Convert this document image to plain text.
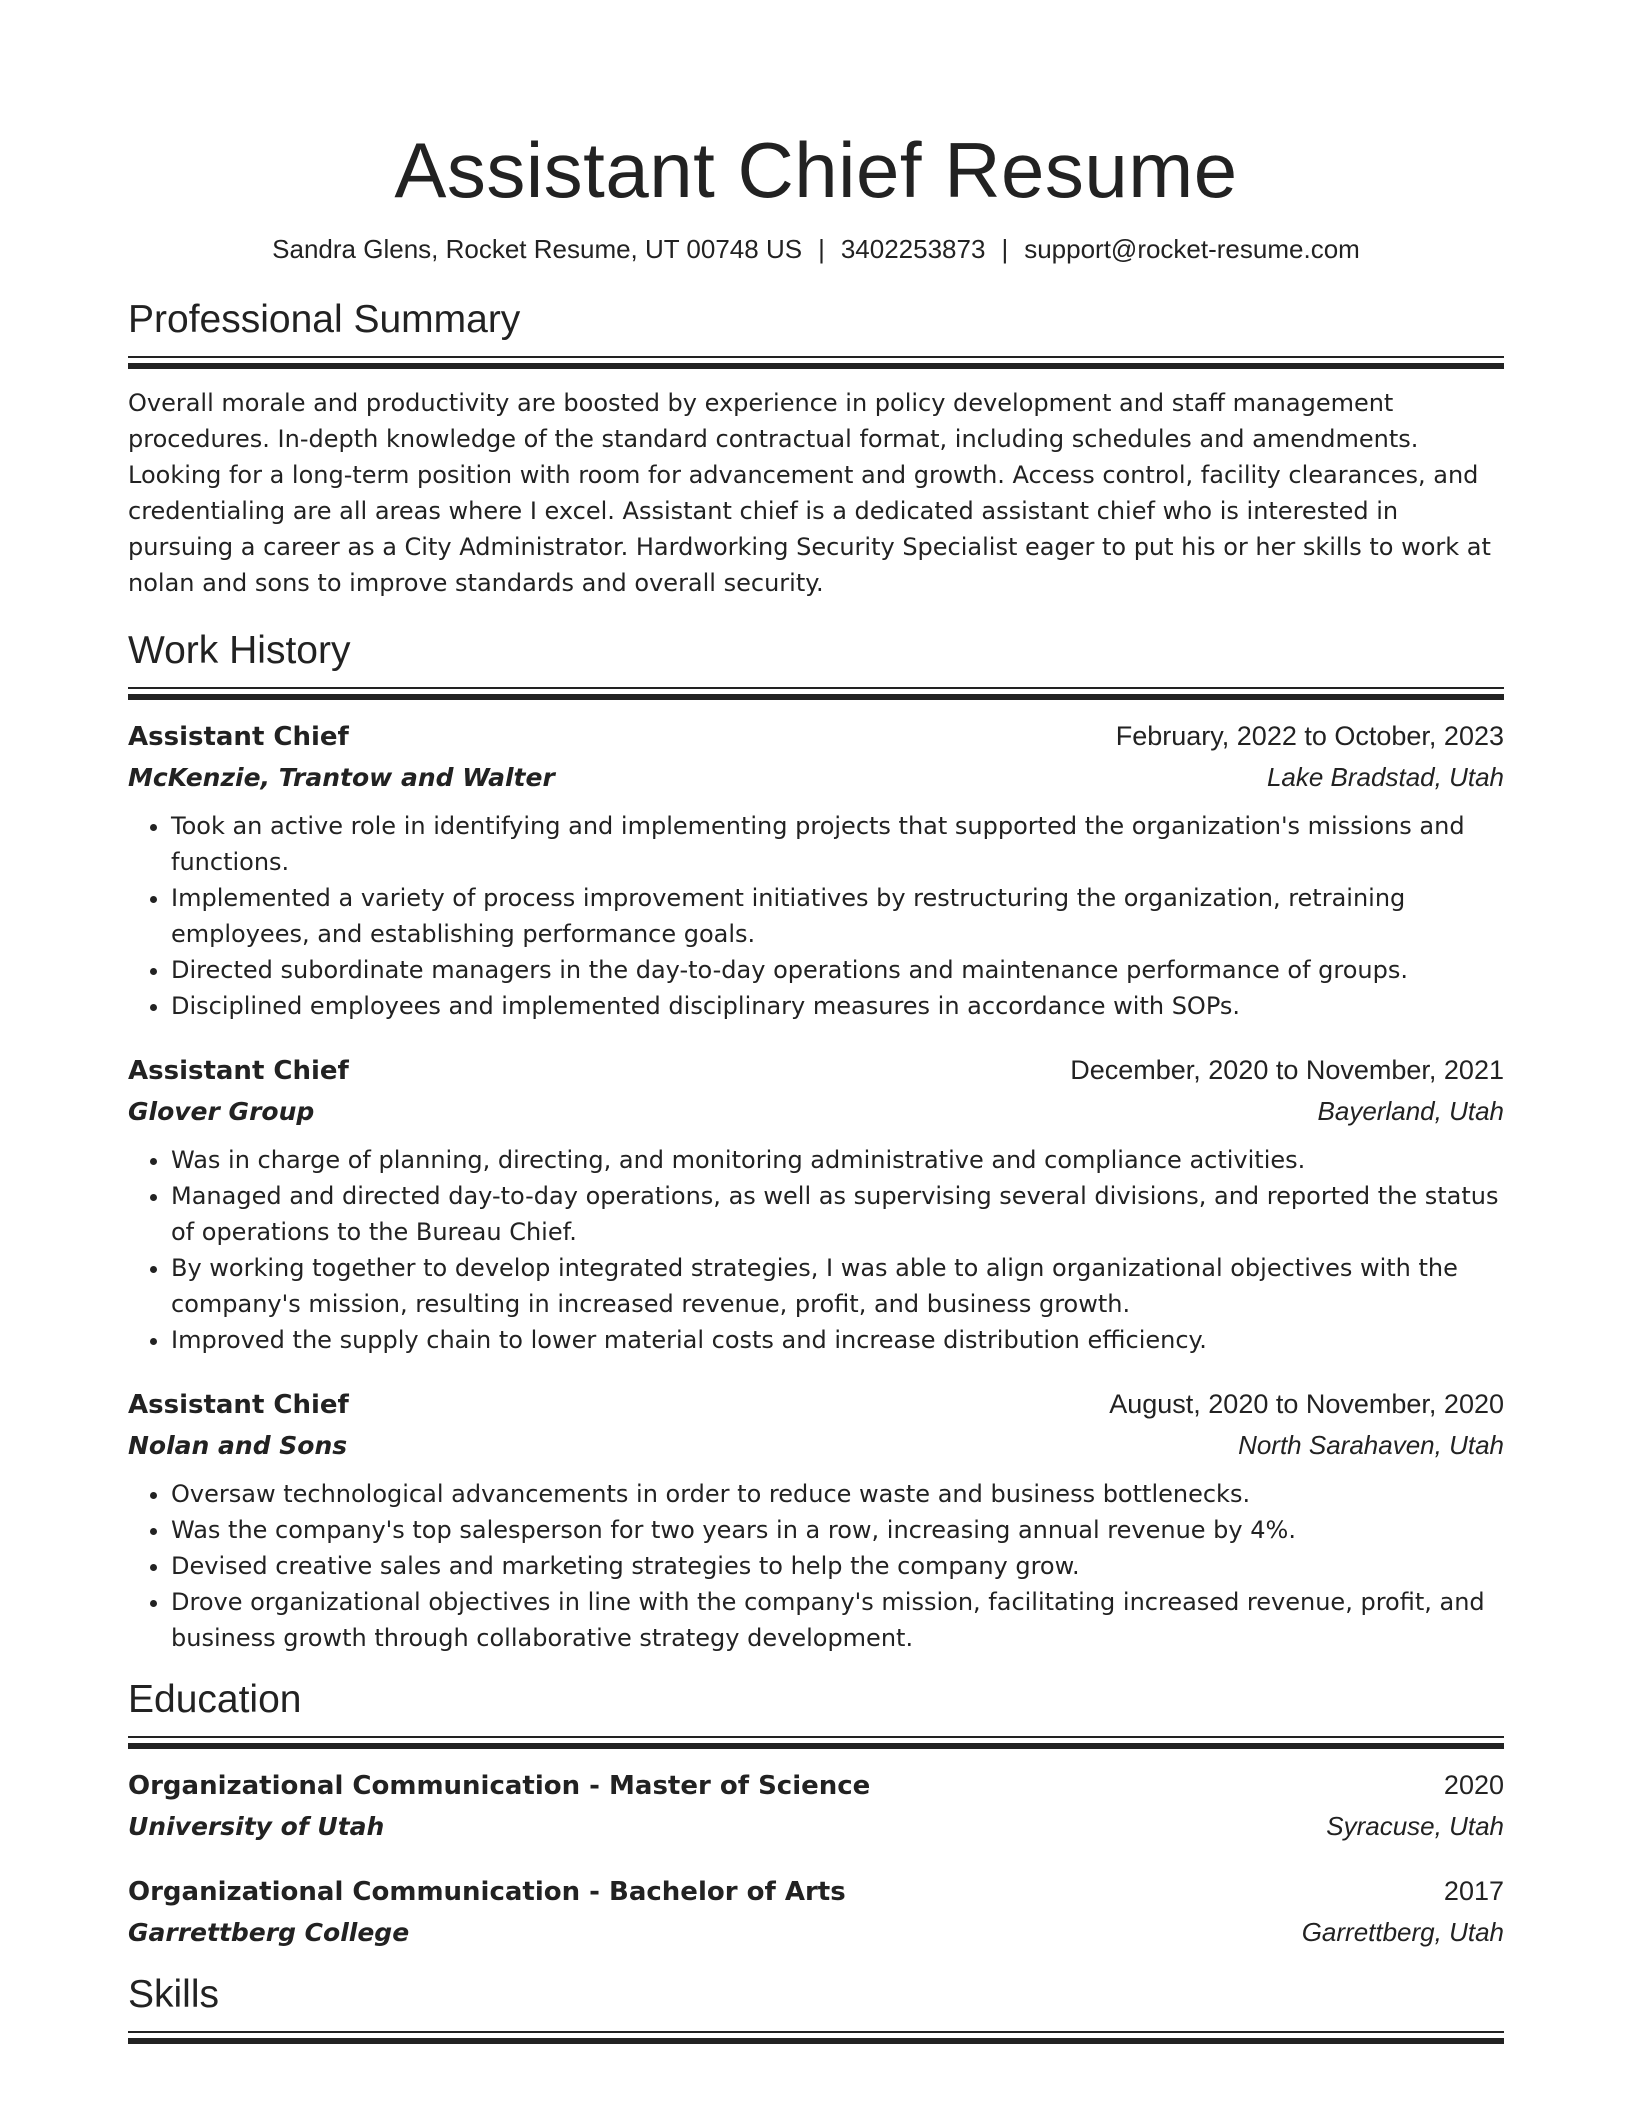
Assistant Chief Resume
Sandra Glens, Rocket Resume, UT 00748 US | 3402253873 | support@rocket-resume.com
Professional Summary

Overall morale and productivity are boosted by experience in policy development and staff management procedures. In-depth knowledge of the standard contractual format, including schedules and amendments. Looking for a long-term position with room for advancement and growth. Access control, facility clearances, and credentialing are all areas where I excel. Assistant chief is a dedicated assistant chief who is interested in pursuing a career as a City Administrator. Hardworking Security Specialist eager to put his or her skills to work at nolan and sons to improve standards and overall security.

Work History
Assistant Chief	February, 2022 to October, 2023
McKenzie, Trantow and Walter	Lake Bradstad, Utah
• Took an active role in identifying and implementing projects that supported the organization's missions and functions.
• Implemented a variety of process improvement initiatives by restructuring the organization, retraining employees, and establishing performance goals.
• Directed subordinate managers in the day-to-day operations and maintenance performance of groups.
• Disciplined employees and implemented disciplinary measures in accordance with SOPs.
Assistant Chief	December, 2020 to November, 2021
Glover Group	Bayerland, Utah
• Was in charge of planning, directing, and monitoring administrative and compliance activities.
• Managed and directed day-to-day operations, as well as supervising several divisions, and reported the status of operations to the Bureau Chief.
• By working together to develop integrated strategies, I was able to align organizational objectives with the company's mission, resulting in increased revenue, profit, and business growth.
• Improved the supply chain to lower material costs and increase distribution efficiency.
Assistant Chief	August, 2020 to November, 2020
Nolan and Sons	North Sarahaven, Utah
• Oversaw technological advancements in order to reduce waste and business bottlenecks.
• Was the company's top salesperson for two years in a row, increasing annual revenue by 4%.
• Devised creative sales and marketing strategies to help the company grow.
• Drove organizational objectives in line with the company's mission, facilitating increased revenue, profit, and business growth through collaborative strategy development.
Education
Organizational Communication - Master of Science	2020
University of Utah	Syracuse, Utah
Organizational Communication - Bachelor of Arts	2017
Garrettberg College	Garrettberg, Utah
Skills
